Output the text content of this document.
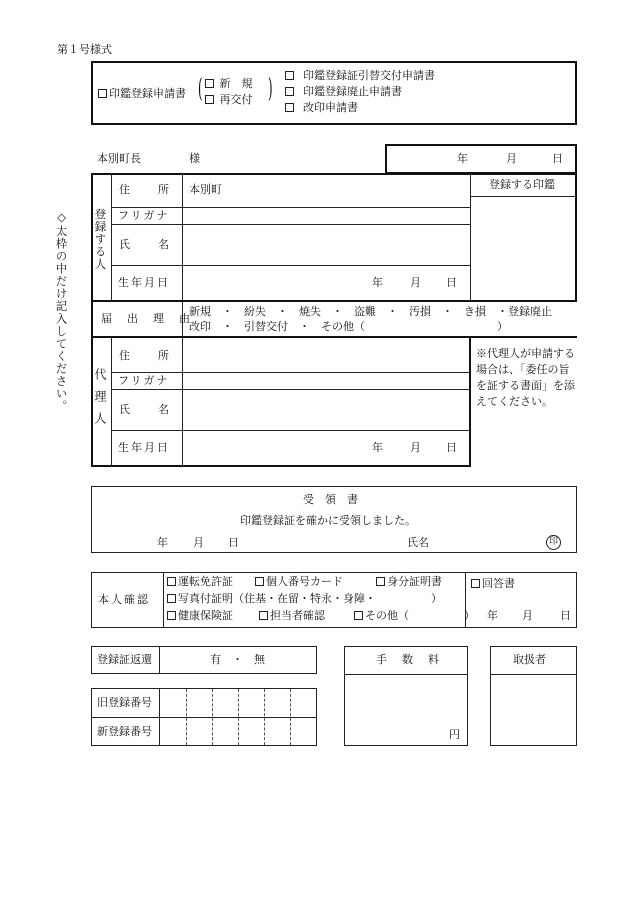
第１号様式
印鑑登録申請書 (	新　規
再交付 )	印鑑登録証引替交付申請書
印鑑登録廃止申請書
改印申請書
本別町長	様	年	月	日
◇太枠の中だけ記入してください。 登録する人
住　　所 本別町
フリガナ
氏　　名
生年月日	年 月 日
登録する印鑑
届　出　理　由
新規　・　紛失　・　焼失　・　盗難　・　汚損　・　き損　・登録廃止
改印　・　引替交付　・　その他（　　　　　　　　　　　　）
代理人
住　　所
フリガナ
氏　　名
生年月日	年 月 日
※代理人が申請する場合は、「委任の旨を証する書面」を添えてください。
受　領　書
印鑑登録証を確かに受領しました。
年 月 日	氏名	印
本人確認
運転免許証	個人番号カード	身分証明書
写真付証明（住基・在留・特永・身障・　　　　　）
健康保険証	担当者確認	その他（　　　　　）
回答書
年 月 日
登録証返還	有　・　無
旧登録番号
新登録番号
手　数　料
円
取扱者
